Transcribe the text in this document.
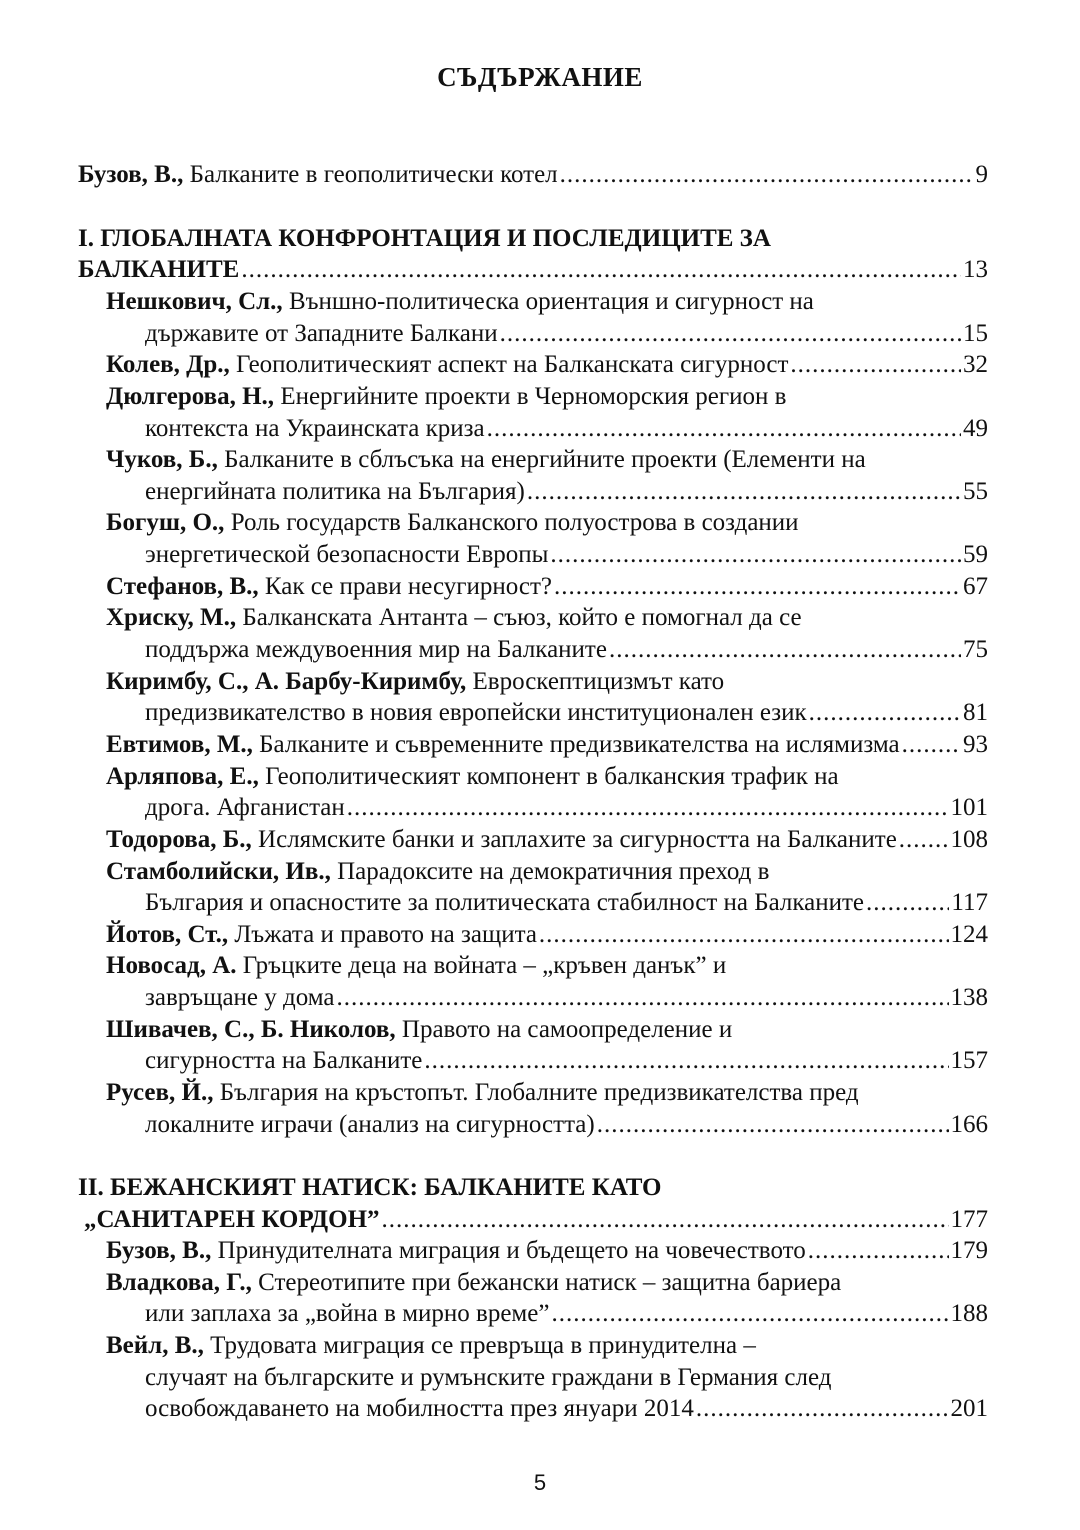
СЪДЪРЖАНИЕ
Бузов, В., Балканите в геополитически котел .....	9
I. ГЛОБАЛНАТА КОНФРОНТАЦИЯ И ПОСЛЕДИЦИТЕ ЗА
БАЛКАНИТЕ .....	13
Нешкович, Сл., Външно-политическа ориентация и сигурност на
държавите от Западните Балкани .....	15
Колев, Др., Геополитическият аспект на Балканската сигурност .....	32
Дюлгерова, Н., Енергийните проекти в Черноморския регион в
контекста на Украинската криза .....	49
Чуков, Б., Балканите в сблъсъка на енергийните проекти (Елементи на
енергийната политика на България) .....	55
Богуш, О., Роль государств Балканского полуострова в создании
энергетической безопасности Европы .....	59
Стефанов, В., Как се прави несугирност? .....	67
Хриску, М., Балканската Антанта – съюз, който е помогнал да се
поддържа междувоенния мир на Балканите .....	75
Киримбу, С., А. Барбу-Киримбу, Евроскептицизмът като
предизвикателство в новия европейски институционален език .....	81
Евтимов, М., Балканите и съвременните предизвикателства на ислямизма .....	93
Арляпова, Е., Геополитическият компонент в балканския трафик на
дрога. Афганистан .....	101
Тодорова, Б., Ислямските банки и заплахите за сигурността на Балканите ..... 108
Стамболийски, Ив., Парадоксите на демократичния преход в
България и опасностите за политическата стабилност на Балканите .....	117
Йотов, Ст., Лъжата и правото на защита .....	124
Новосад, А. Гръцките деца на войната – „кръвен данък” и
завръщане у дома .....	138
Шивачев, С., Б. Николов, Правото на самоопределение и
сигурността на Балканите .....	157
Русев, Й., България на кръстопът. Глобалните предизвикателства пред
локалните играчи (анализ на сигурността) .....	166
II. БЕЖАНСКИЯТ НАТИСК: БАЛКАНИТЕ КАТО
„САНИТАРЕН КОРДОН” .....	177
Бузов, В., Принудителната миграция и бъдещето на човечеството .....	179
Владкова, Г., Стереотипите при бежански натиск – защитна бариера
или заплаха за „война в мирно време” .....	188
Вейл, В., Трудовата миграция се превръща в принудителна –
случаят на българските и румънските граждани в Германия след
освобождаването на мобилността през януари 2014 .....	201
5
